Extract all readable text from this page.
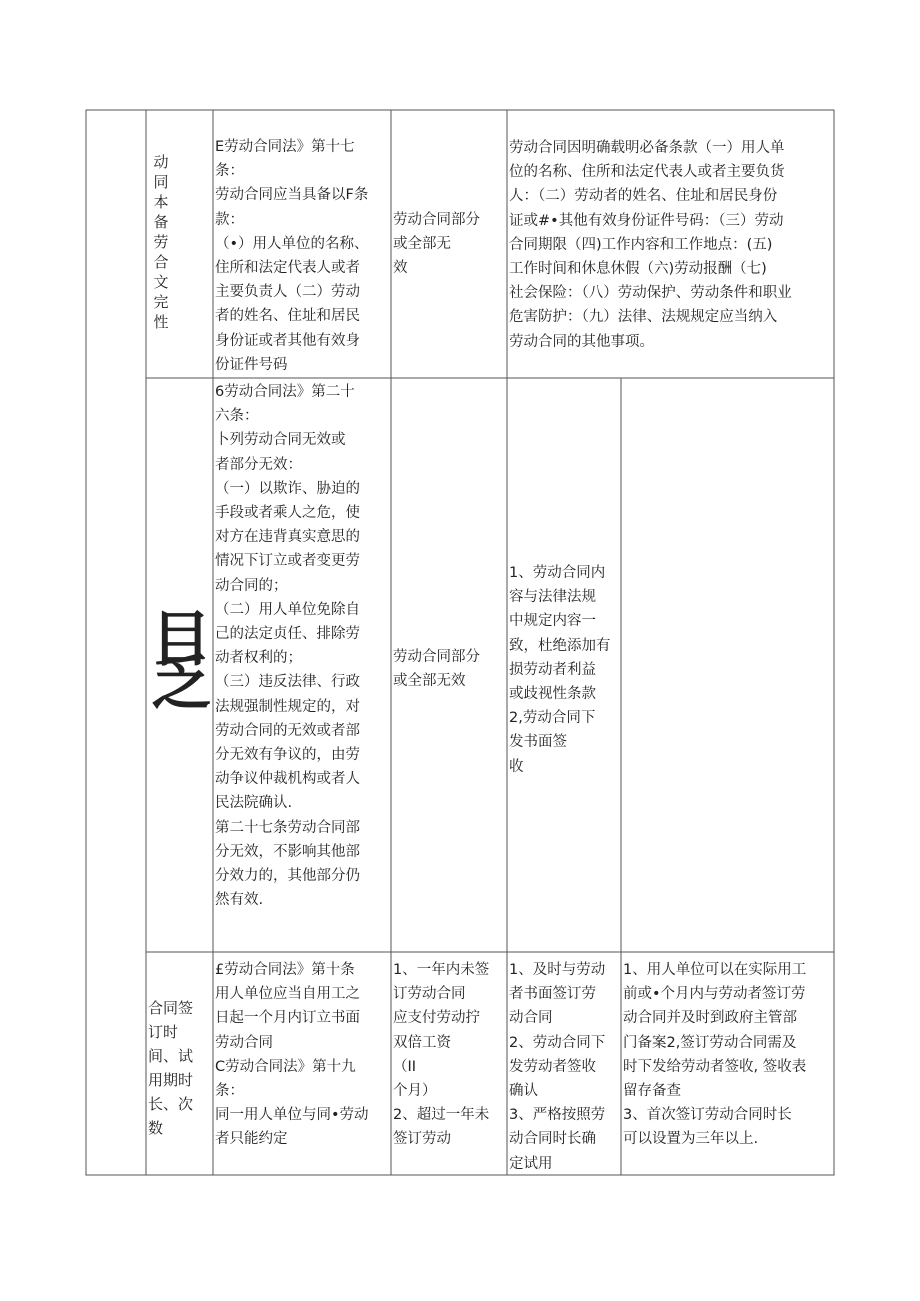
动
同
本
备
劳
合
文
完
性
E劳动合同法》第十七
条：
劳动合同应当具备以F条
款：
（•）用人单位的名称、
住所和法定代表人或者
主要负责人（二）劳动
者的姓名、住址和居民
身份证或者其他有效身
份证件号码
劳动合同部分
或全部无
效
劳动合同因明确载明必备条款（一）用人单
位的名称、住所和法定代表人或者主要负货
人：（二）劳动者的姓名、住址和居民身份
证或#•其他有效身份证件号码：（三）劳动
合同期限（四)工作内容和工作地点：(五)
工作时间和休息休假（六)劳动报酬（七)
社会保险：（八）劳动保护、劳动条件和职业
危害防护：（九）法律、法规规定应当纳入
劳动合同的其他事项。
目
乏
6劳动合同法》第二十
六条：
卜列劳动合同无效或
者部分无效：
（一）以欺诈、胁迫的
手段或者乘人之危，使
对方在违背真实意思的
情况下订立或者变更劳
动合同的；
（二）用人单位免除自
己的法定贞任、排除劳
动者权利的；
（三）违反法律、行政
法规强制性规定的，对
劳动合同的无效或者部
分无效有争议的，由劳
动争议仲裁机构或者人
民法院确认.
第二十七条劳动合同部
分无效，不影响其他部
分效力的，其他部分仍
然有效.
劳动合同部分
或全部无效
1、劳动合同内
容与法律法规
中规定内容一
致，杜绝添加有
损劳动者利益
或歧视性条款
2,劳动合同下
发书面签
收
合同签
订时
间、试
用期时
长、次
数
£劳动合同法》第十条
用人单位应当自用工之
日起一个月内订立书面
劳动合同
C劳动合同法》第十九
条：
同一用人单位与同•劳动
者只能约定
1、一年内未签
订劳动合同
应支付劳动拧
双倍工资
（II
个月）
2、超过一年未
签订劳动
1、及时与劳动
者书面签订劳
动合同
2、劳动合同下
发劳动者签收
确认
3、严格按照劳
动合同时长确
定试用
1、用人单位可以在实际用工
前或•个月内与劳动者签订劳
动合同并及时到政府主管部
门备案2,签订劳动合同需及
时下发给劳动者签收, 签收表
留存备查
3、首次签订劳动合同时长
可以设置为三年以上.
